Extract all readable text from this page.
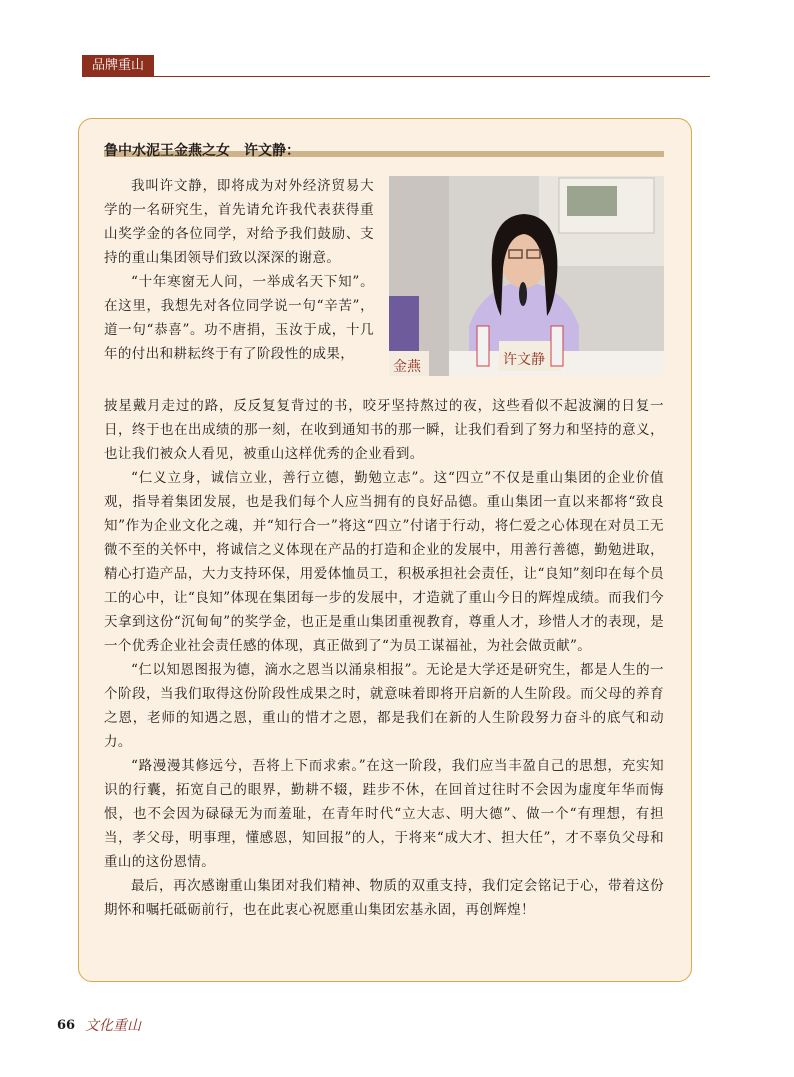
品牌重山
鲁中水泥王金燕之女　许文静：
金燕	许文静

我叫许文静，即将成为对外经济贸易大学的一名研究生，首先请允许我代表获得重山奖学金的各位同学，对给予我们鼓励、支持的重山集团领导们致以深深的谢意。

“十年寒窗无人问，一举成名天下知”。在这里，我想先对各位同学说一句“辛苦”，道一句“恭喜”。功不唐捐，玉汝于成，十几年的付出和耕耘终于有了阶段性的成果，

披星戴月走过的路，反反复复背过的书，咬牙坚持熬过的夜，这些看似不起波澜的日复一日，终于也在出成绩的那一刻，在收到通知书的那一瞬，让我们看到了努力和坚持的意义，也让我们被众人看见，被重山这样优秀的企业看到。

“仁义立身，诚信立业，善行立德，勤勉立志”。这“四立”不仅是重山集团的企业价值观，指导着集团发展，也是我们每个人应当拥有的良好品德。重山集团一直以来都将“致良知”作为企业文化之魂，并“知行合一”将这“四立”付诸于行动，将仁爱之心体现在对员工无微不至的关怀中，将诚信之义体现在产品的打造和企业的发展中，用善行善德，勤勉进取，精心打造产品，大力支持环保，用爱体恤员工，积极承担社会责任，让“良知”刻印在每个员工的心中，让“良知”体现在集团每一步的发展中，才造就了重山今日的辉煌成绩。而我们今天拿到这份“沉甸甸”的奖学金，也正是重山集团重视教育，尊重人才，珍惜人才的表现，是一个优秀企业社会责任感的体现，真正做到了“为员工谋福祉，为社会做贡献”。

“仁以知恩图报为德，滴水之恩当以涌泉相报”。无论是大学还是研究生，都是人生的一个阶段，当我们取得这份阶段性成果之时，就意味着即将开启新的人生阶段。而父母的养育之恩，老师的知遇之恩，重山的惜才之恩，都是我们在新的人生阶段努力奋斗的底气和动力。

“路漫漫其修远兮，吾将上下而求索。”在这一阶段，我们应当丰盈自己的思想，充实知识的行囊，拓宽自己的眼界，勤耕不辍，跬步不休，在回首过往时不会因为虚度年华而悔恨，也不会因为碌碌无为而羞耻，在青年时代“立大志、明大德”、做一个“有理想，有担当，孝父母，明事理，懂感恩，知回报”的人，于将来“成大才、担大任”，才不辜负父母和重山的这份恩情。

最后，再次感谢重山集团对我们精神、物质的双重支持，我们定会铭记于心，带着这份期怀和嘱托砥砺前行，也在此衷心祝愿重山集团宏基永固，再创辉煌！

66 文化重山
